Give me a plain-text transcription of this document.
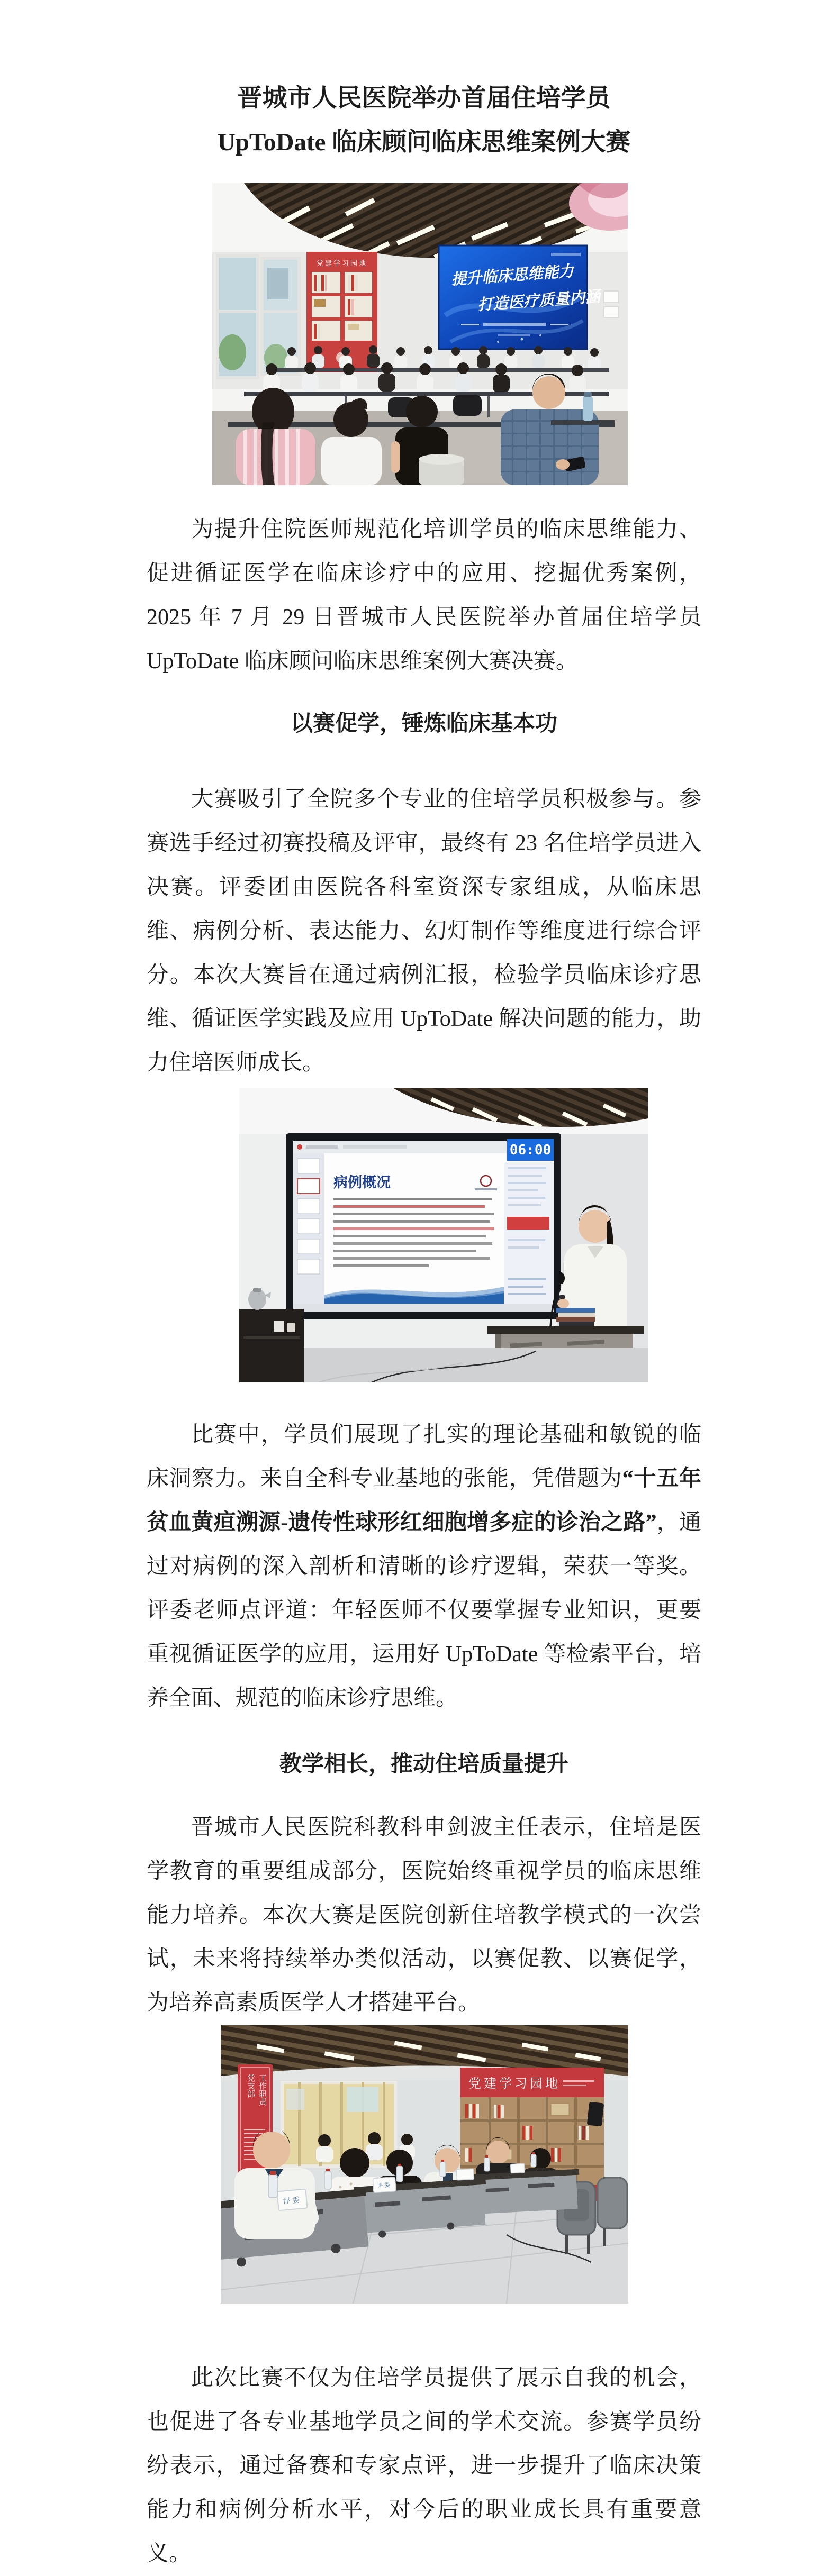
晋城市人民医院举办首届住培学员

UpToDate 临床顾问临床思维案例大赛

党建学习园地	提升临床思维能力
打造医疗质量内涵

为提升住院医师规范化培训学员的临床思维能力、促进循证医学在临床诊疗中的应用、挖掘优秀案例，2025 年 7 月 29 日晋城市人民医院举办首届住培学员 UpToDate 临床顾问临床思维案例大赛决赛。

以赛促学，锤炼临床基本功

大赛吸引了全院多个专业的住培学员积极参与。参赛选手经过初赛投稿及评审，最终有 23 名住培学员进入决赛。评委团由医院各科室资深专家组成，从临床思维、病例分析、表达能力、幻灯制作等维度进行综合评分。本次大赛旨在通过病例汇报，检验学员临床诊疗思维、循证医学实践及应用 UpToDate 解决问题的能力，助力住培医师成长。

06:00
病例概况

比赛中，学员们展现了扎实的理论基础和敏锐的临床洞察力。来自全科专业基地的张能，凭借题为“十五年贫血黄疸溯源-遗传性球形红细胞增多症的诊治之路”，通过对病例的深入剖析和清晰的诊疗逻辑，荣获一等奖。评委老师点评道：年轻医师不仅要掌握专业知识，更要重视循证医学的应用，运用好 UpToDate 等检索平台，培养全面、规范的临床诊疗思维。

教学相长，推动住培质量提升

晋城市人民医院科教科申剑波主任表示，住培是医学教育的重要组成部分，医院始终重视学员的临床思维能力培养。本次大赛是医院创新住培教学模式的一次尝试，未来将持续举办类似活动，以赛促教、以赛促学，为培养高素质医学人才搭建平台。

党支部 工作职责	党建学习园地
评委
评委

此次比赛不仅为住培学员提供了展示自我的机会，也促进了各专业基地学员之间的学术交流。参赛学员纷纷表示，通过备赛和专家点评，进一步提升了临床决策能力和病例分析水平，对今后的职业成长具有重要意义。
